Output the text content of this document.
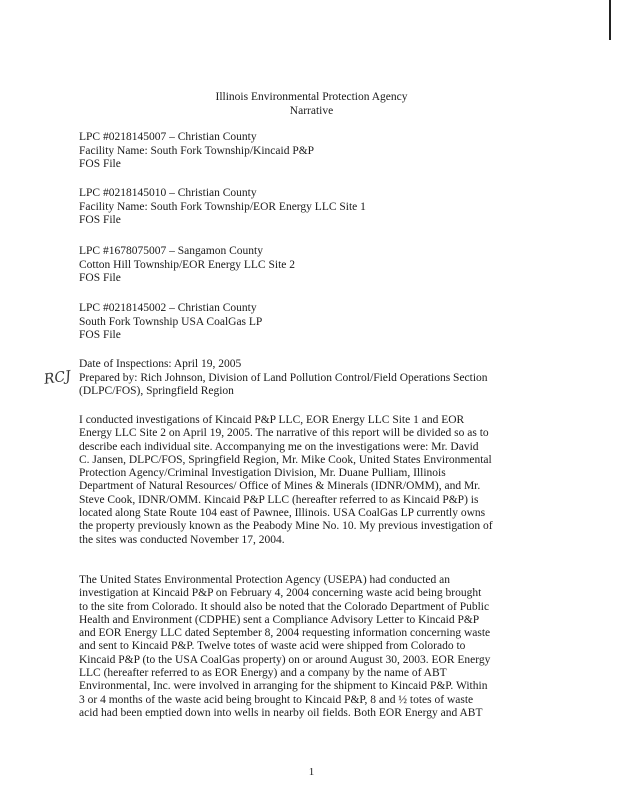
Illinois Environmental Protection Agency
Narrative
LPC #0218145007 – Christian County
Facility Name: South Fork Township/Kincaid P&P
FOS File
LPC #0218145010 – Christian County
Facility Name: South Fork Township/EOR Energy LLC Site 1
FOS File
LPC #1678075007 – Sangamon County
Cotton Hill Township/EOR Energy LLC Site 2
FOS File
LPC #0218145002 – Christian County
South Fork Township USA CoalGas LP
FOS File
Date of Inspections: April 19, 2005
Prepared by: Rich Johnson, Division of Land Pollution Control/Field Operations Section
(DLPC/FOS), Springfield Region
RCJ
I conducted investigations of Kincaid P&P LLC, EOR Energy LLC Site 1 and EOR
Energy LLC Site 2 on April 19, 2005. The narrative of this report will be divided so as to
describe each individual site. Accompanying me on the investigations were: Mr. David
C. Jansen, DLPC/FOS, Springfield Region, Mr. Mike Cook, United States Environmental
Protection Agency/Criminal Investigation Division, Mr. Duane Pulliam, Illinois
Department of Natural Resources/ Office of Mines & Minerals (IDNR/OMM), and Mr.
Steve Cook, IDNR/OMM. Kincaid P&P LLC (hereafter referred to as Kincaid P&P) is
located along State Route 104 east of Pawnee, Illinois. USA CoalGas LP currently owns
the property previously known as the Peabody Mine No. 10. My previous investigation of
the sites was conducted November 17, 2004.
The United States Environmental Protection Agency (USEPA) had conducted an
investigation at Kincaid P&P on February 4, 2004 concerning waste acid being brought
to the site from Colorado. It should also be noted that the Colorado Department of Public
Health and Environment (CDPHE) sent a Compliance Advisory Letter to Kincaid P&P
and EOR Energy LLC dated September 8, 2004 requesting information concerning waste
and sent to Kincaid P&P. Twelve totes of waste acid were shipped from Colorado to
Kincaid P&P (to the USA CoalGas property) on or around August 30, 2003. EOR Energy
LLC (hereafter referred to as EOR Energy) and a company by the name of ABT
Environmental, Inc. were involved in arranging for the shipment to Kincaid P&P. Within
3 or 4 months of the waste acid being brought to Kincaid P&P, 8 and ½ totes of waste
acid had been emptied down into wells in nearby oil fields. Both EOR Energy and ABT
1
